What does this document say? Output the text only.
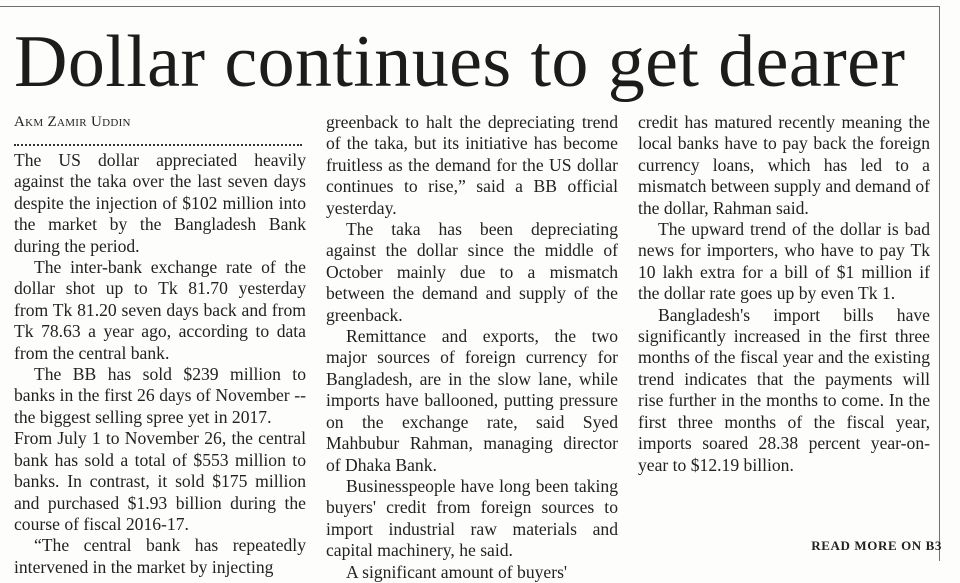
Dollar continues to get dearer
Akm Zamir Uddin

The US dollar appreciated heavily against the taka over the last seven days despite the injection of $102 million into the market by the Bangladesh Bank during the period.

The inter-bank exchange rate of the dollar shot up to Tk 81.70 yesterday from Tk 81.20 seven days back and from Tk 78.63 a year ago, according to data from the central bank.

The BB has sold $239 million to banks in the first 26 days of November -- the biggest selling spree yet in 2017.

From July 1 to November 26, the central bank has sold a total of $553 million to banks. In contrast, it sold $175 million and purchased $1.93 billion during the course of fiscal 2016-17.

“The central bank has repeatedly intervened in the market by injecting

greenback to halt the depreciating trend of the taka, but its initiative has become fruitless as the demand for the US dollar continues to rise,” said a BB official yesterday.

The taka has been depreciating against the dollar since the middle of October mainly due to a mismatch between the demand and supply of the greenback.

Remittance and exports, the two major sources of foreign currency for Bangladesh, are in the slow lane, while imports have ballooned, putting pressure on the exchange rate, said Syed Mahbubur Rahman, managing director of Dhaka Bank.

Businesspeople have long been taking buyers' credit from foreign sources to import industrial raw materials and capital machinery, he said.

A significant amount of buyers'

credit has matured recently meaning the local banks have to pay back the foreign currency loans, which has led to a mismatch between supply and demand of the dollar, Rahman said.

The upward trend of the dollar is bad news for importers, who have to pay Tk 10 lakh extra for a bill of $1 million if the dollar rate goes up by even Tk 1.

Bangladesh's import bills have significantly increased in the first three months of the fiscal year and the existing trend indicates that the payments will rise further in the months to come. In the first three months of the fiscal year, imports soared 28.38 percent year-on-year to $12.19 billion.

READ MORE ON B3
